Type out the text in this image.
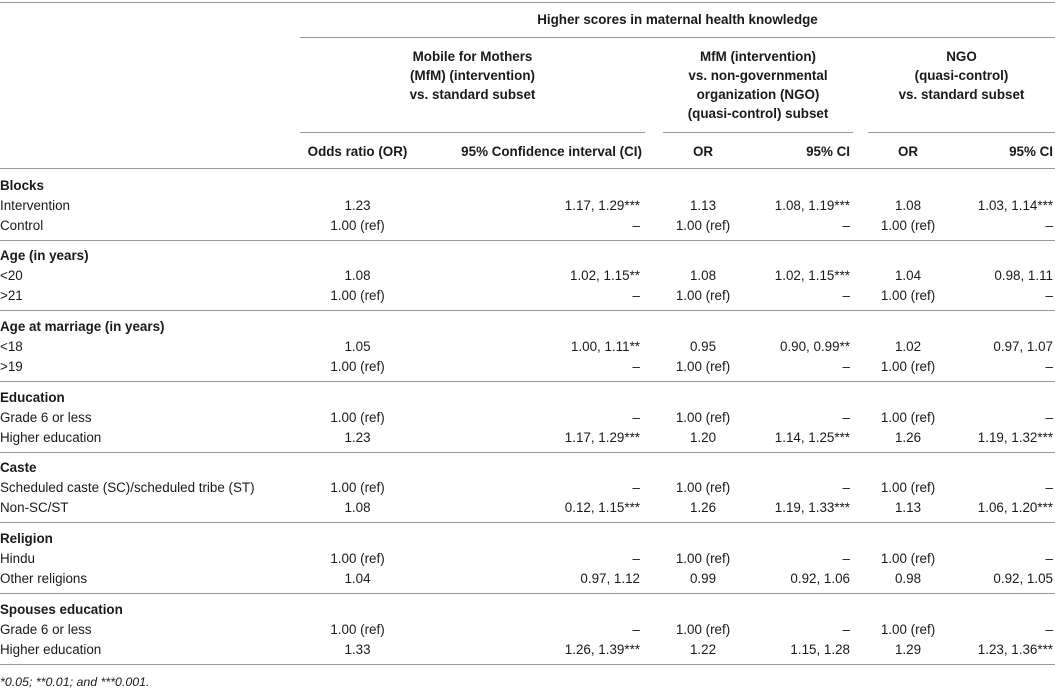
Higher scores in maternal health knowledge
Mobile for Mothers
(MfM) (intervention)
vs. standard subset
MfM (intervention)
vs. non-governmental
organization (NGO)
(quasi-control) subset
NGO
(quasi-control)
vs. standard subset
Odds ratio (OR)	95% Confidence interval (CI)	OR	95% CI	OR	95% CI
Blocks
Intervention	1.23	1.17, 1.29***	1.13	1.08, 1.19***	1.08	1.03, 1.14***
Control	1.00 (ref)	–	1.00 (ref)	–	1.00 (ref)	–
Age (in years)
<20	1.08	1.02, 1.15**	1.08	1.02, 1.15***	1.04	0.98, 1.11
>21	1.00 (ref)	–	1.00 (ref)	–	1.00 (ref)	–
Age at marriage (in years)
<18	1.05	1.00, 1.11**	0.95	0.90, 0.99**	1.02	0.97, 1.07
>19	1.00 (ref)	–	1.00 (ref)	–	1.00 (ref)	–
Education
Grade 6 or less	1.00 (ref)	–	1.00 (ref)	–	1.00 (ref)	–
Higher education	1.23	1.17, 1.29***	1.20	1.14, 1.25***	1.26	1.19, 1.32***
Caste
Scheduled caste (SC)/scheduled tribe (ST)	1.00 (ref)	–	1.00 (ref)	–	1.00 (ref)	–
Non-SC/ST	1.08	0.12, 1.15***	1.26	1.19, 1.33***	1.13	1.06, 1.20***
Religion
Hindu	1.00 (ref)	–	1.00 (ref)	–	1.00 (ref)	–
Other religions	1.04	0.97, 1.12	0.99	0.92, 1.06	0.98	0.92, 1.05
Spouses education
Grade 6 or less	1.00 (ref)	–	1.00 (ref)	–	1.00 (ref)	–
Higher education	1.33	1.26, 1.39***	1.22	1.15, 1.28	1.29	1.23, 1.36***
*0.05; **0.01; and ***0.001.
